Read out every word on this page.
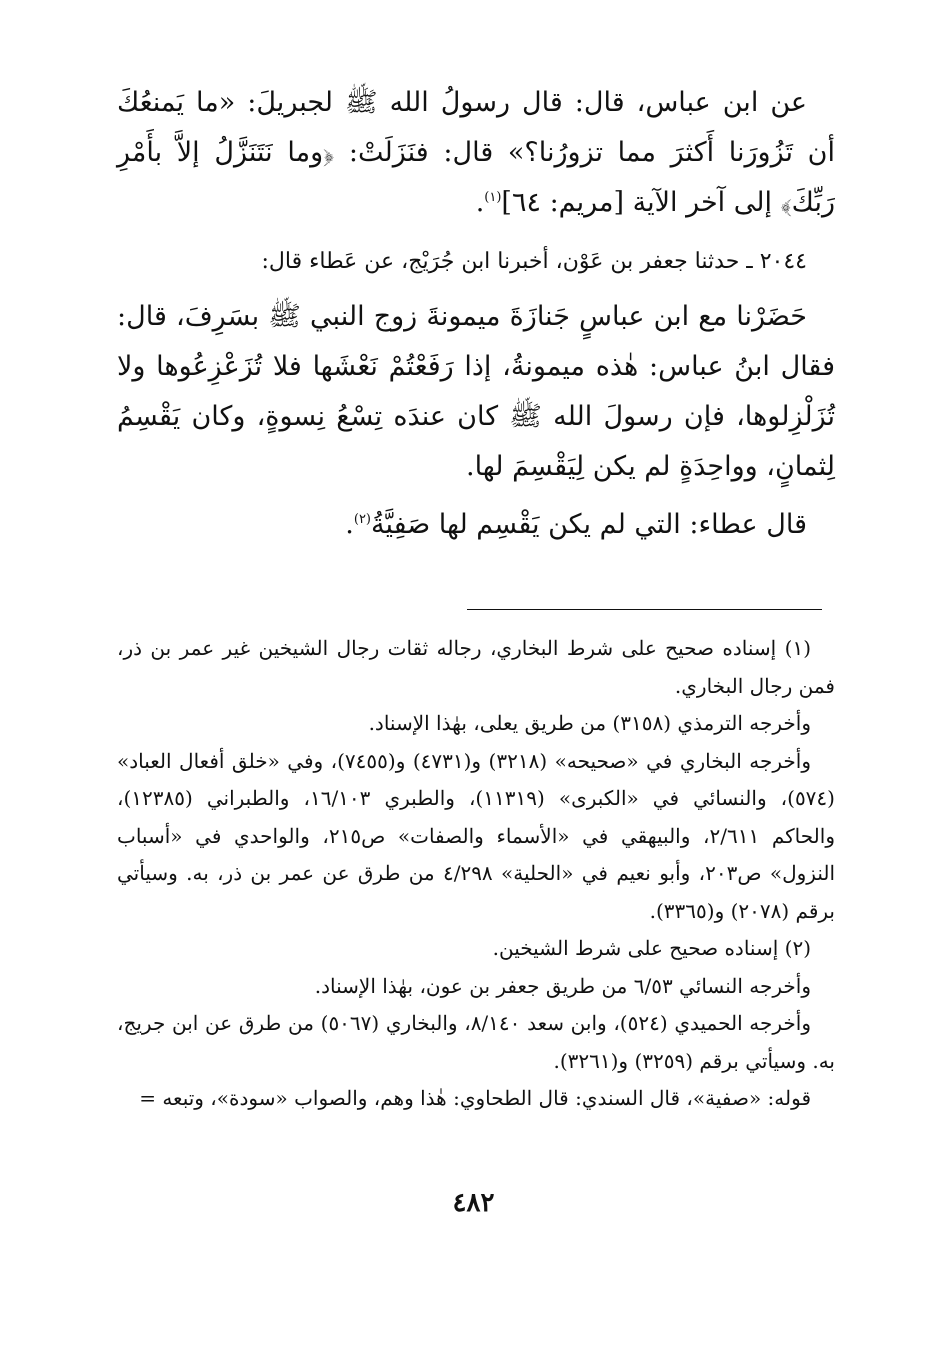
عن ابن عباس، قال: قال رسولُ الله ﷺ لجبريلَ: «ما يَمنعُكَ أن تَزُورَنا أَكثرَ مما تزورُنا؟» قال: فنَزَلَتْ: ﴿وما نَتَنَزَّلُ إلاَّ بأَمْرِ رَبِّكَ﴾ إلى آخر الآية [مريم: ٦٤]$^{(١)}$.

٢٠٤٤ ـ حدثنا جعفر بن عَوْن، أخبرنا ابن جُرَيْج، عن عَطاء قال:

حَضَرْنا مع ابن عباسٍ جَنازَةَ ميمونةَ زوج النبي ﷺ بسَرِفَ، قال: فقال ابنُ عباس: هٰذه ميمونةُ، إذا رَفَعْتُمْ نَعْشَها فلا تُزَعْزِعُوها ولا تُزَلْزِلوها، فإن رسولَ الله ﷺ كان عندَه تِسْعُ نِسوةٍ، وكان يَقْسِمُ لِثمانٍ، وواحِدَةٍ لم يكن لِيَقْسِمَ لها.

قال عطاء: التي لم يكن يَقْسِم لها صَفِيَّةُ$^{(٢)}$.

(١) إسناده صحيح على شرط البخاري، رجاله ثقات رجال الشيخين غير عمر بن ذر، فمن رجال البخاري.

وأخرجه الترمذي (٣١٥٨) من طريق يعلى، بهٰذا الإسناد.

وأخرجه البخاري في «صحيحه» (٣٢١٨) و(٤٧٣١) و(٧٤٥٥)، وفي «خلق أفعال العباد» (٥٧٤)، والنسائي في «الكبرى» (١١٣١٩)، والطبري ١٦/١٠٣، والطبراني (١٢٣٨٥)، والحاكم ٢/٦١١، والبيهقي في «الأسماء والصفات» ص٢١٥، والواحدي في «أسباب النزول» ص٢٠٣، وأبو نعيم في «الحلية» ٤/٢٩٨ من طرق عن عمر بن ذر، به. وسيأتي برقم (٢٠٧٨) و(٣٣٦٥).

(٢) إسناده صحيح على شرط الشيخين.

وأخرجه النسائي ٦/٥٣ من طريق جعفر بن عون، بهٰذا الإسناد.

وأخرجه الحميدي (٥٢٤)، وابن سعد ٨/١٤٠، والبخاري (٥٠٦٧) من طرق عن ابن جريج، به. وسيأتي برقم (٣٢٥٩) و(٣٢٦١).

قوله: «صفية»، قال السندي: قال الطحاوي: هٰذا وهم، والصواب «سودة»، وتبعه =

٤٨٢
